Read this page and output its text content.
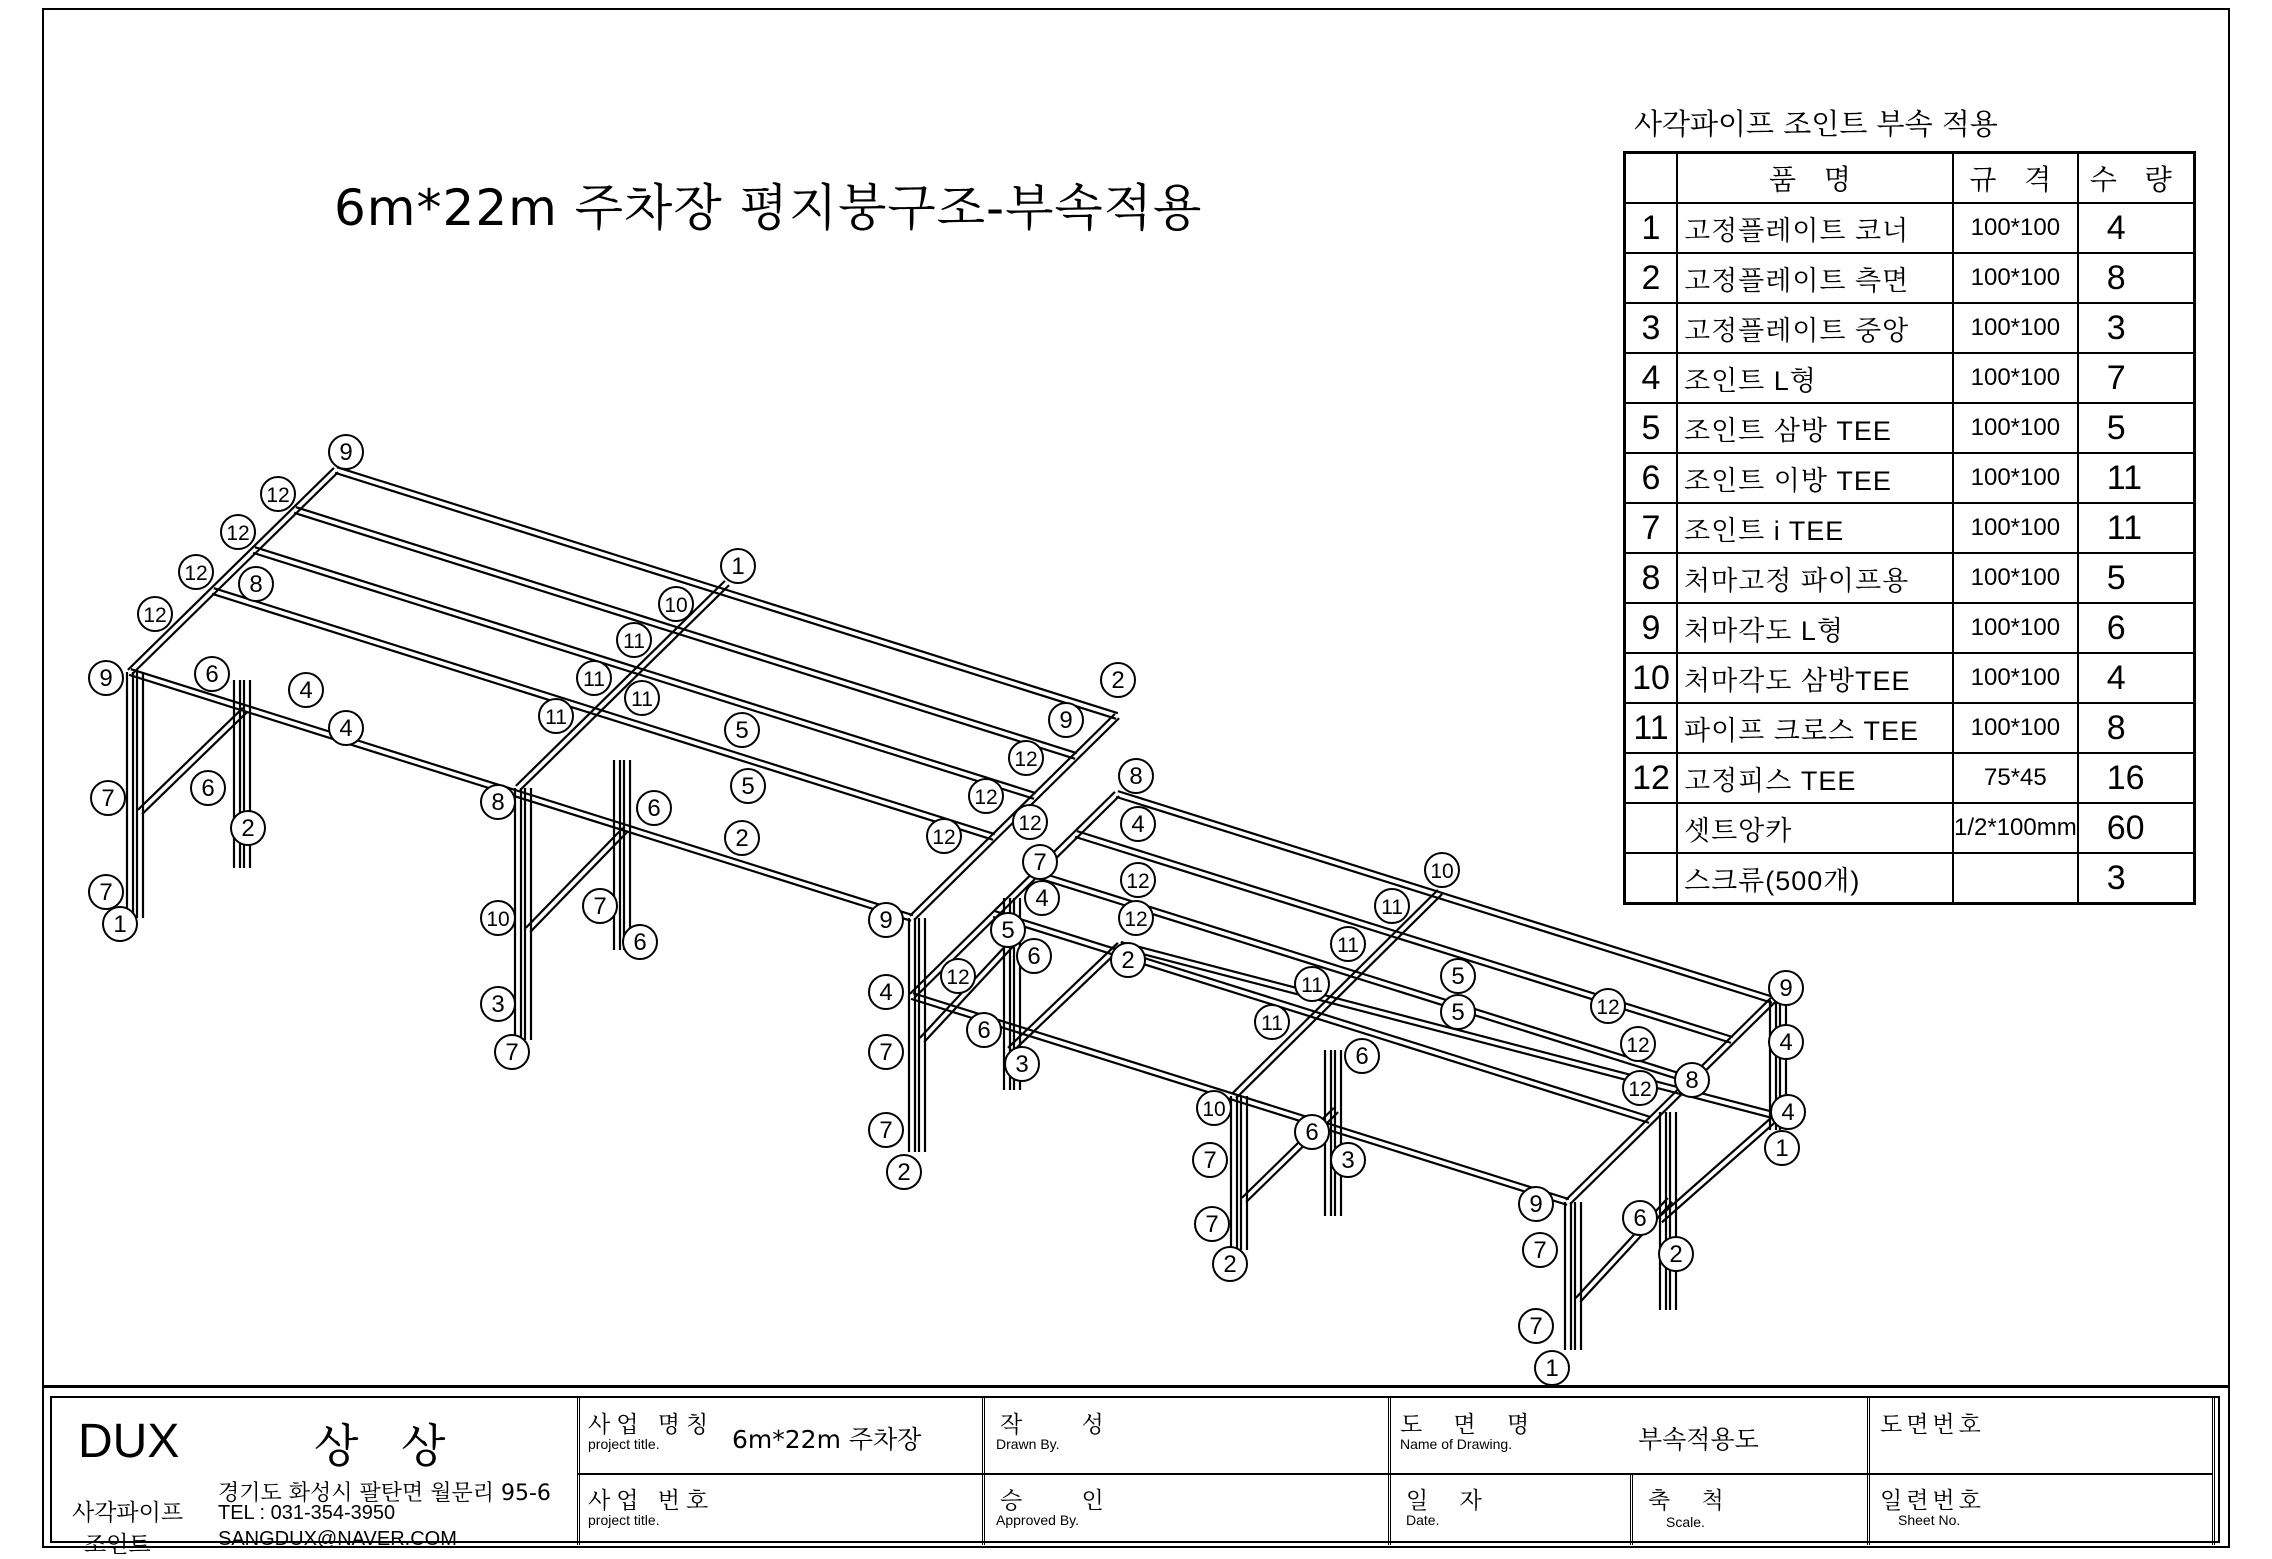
6m*22m 주차장 평지붕구조-부속적용
사각파이프 조인트 부속 적용
	품 명	규 격	수 량
1	고정플레이트 코너	100*100	4
2	고정플레이트 측면	100*100	8
3	고정플레이트 중앙	100*100	3
4	조인트 L형	100*100	7
5	조인트 삼방 TEE	100*100	5
6	조인트 이방 TEE	100*100	11
7	조인트 i TEE	100*100	11
8	처마고정 파이프용	100*100	5
9	처마각도 L형	100*100	6
10	처마각도 삼방TEE	100*100	4
11	파이프 크로스 TEE	100*100	8
12	고정피스 TEE	75*45	16
	셋트앙카	1/2*100mm	60
	스크류(500개)		3
9
12
12
12
12
8
9	6
4
4
1
7	6
2
7
1
10
11
11
11
11
8
5
5
6
2
10	7
6
3
7
2
9
12
12
12
12
8
4
7
12
4
12
5
6	2
9
4
12
6
3
7
7
2
10
11
11
11
11
5
5
6
12
12
9
4
4
1
8
12
10
7	3
6
7
2
9
6
7	2
7
1
DUX	상 상
사각파이프
조인트
경기도 화성시 팔탄면 월문리 95-6
TEL : 031-354-3950
SANGDUX@NAVER.COM
사업 명칭
project title.	6m*22m 주차장
사업 번호
project title.
작 성
Drawn By.
승 인
Approved By.
도 면 명
Name of Drawing.	부속적용도
일 자
Date.
축 척
Scale.
도면번호
일련번호
Sheet No.
